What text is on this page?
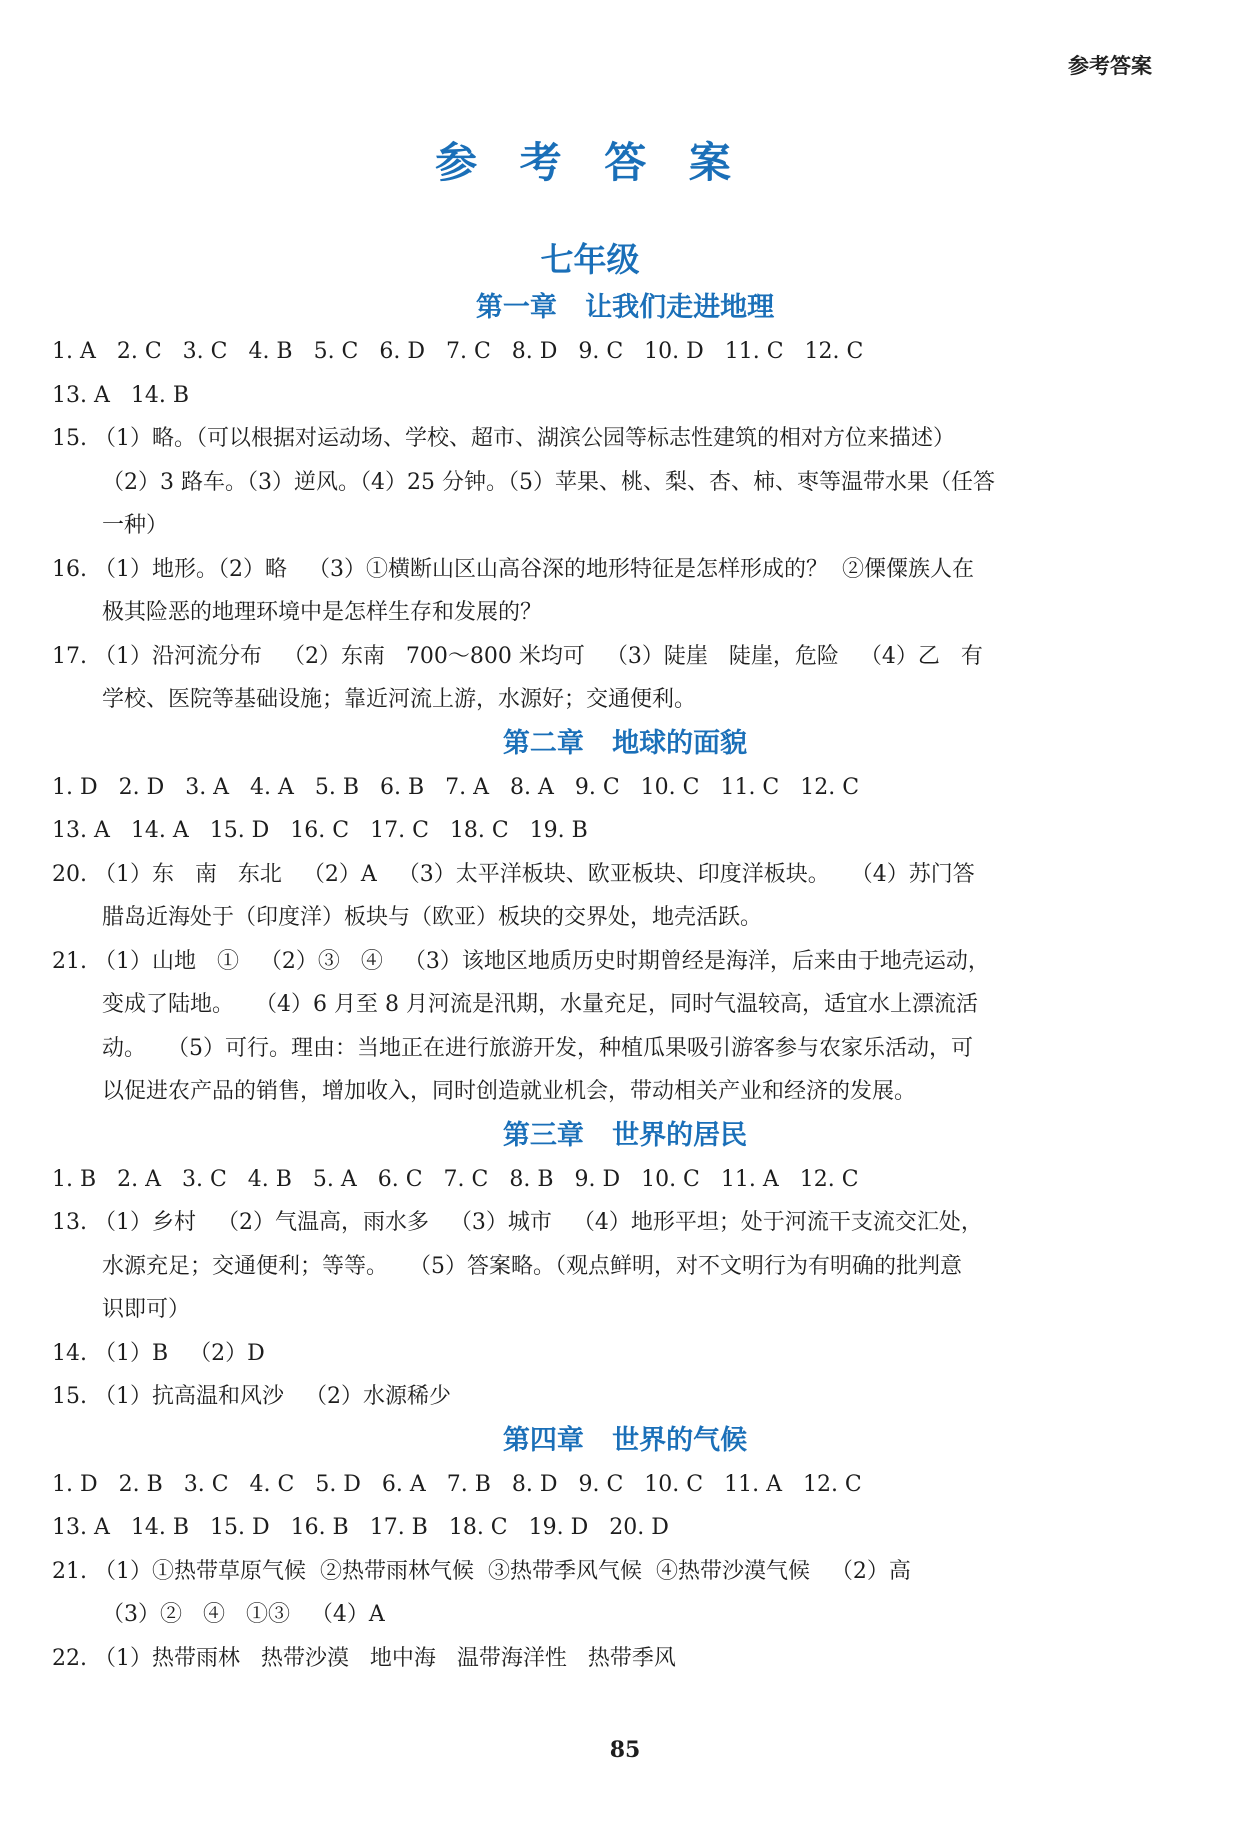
参考答案
参 考 答 案
七年级
第一章   让我们走进地理
1. A   2. C   3. C   4. B   5. C   6. D   7. C   8. D   9. C   10. D   11. C   12. C
13. A   14. B
15. （1）略。（可以根据对运动场、学校、超市、湖滨公园等标志性建筑的相对方位来描述）
（2）3 路车。（3）逆风。（4）25 分钟。（5）苹果、桃、梨、杏、柿、枣等温带水果（任答
一种）
16. （1）地形。（2）略   （3）①横断山区山高谷深的地形特征是怎样形成的？  ②傈僳族人在
极其险恶的地理环境中是怎样生存和发展的？
17. （1）沿河流分布   （2）东南   700～800 米均可   （3）陡崖   陡崖，危险   （4）乙   有
学校、医院等基础设施；靠近河流上游，水源好；交通便利。
第二章   地球的面貌
1. D   2. D   3. A   4. A   5. B   6. B   7. A   8. A   9. C   10. C   11. C   12. C
13. A   14. A   15. D   16. C   17. C   18. C   19. B
20. （1）东   南   东北   （2）A   （3）太平洋板块、欧亚板块、印度洋板块。   （4）苏门答
腊岛近海处于（印度洋）板块与（欧亚）板块的交界处，地壳活跃。
21. （1）山地   ①   （2）③   ④   （3）该地区地质历史时期曾经是海洋，后来由于地壳运动，
变成了陆地。   （4）6 月至 8 月河流是汛期，水量充足，同时气温较高，适宜水上漂流活
动。   （5）可行。理由：当地正在进行旅游开发，种植瓜果吸引游客参与农家乐活动，可
以促进农产品的销售，增加收入，同时创造就业机会，带动相关产业和经济的发展。
第三章   世界的居民
1. B   2. A   3. C   4. B   5. A   6. C   7. C   8. B   9. D   10. C   11. A   12. C
13. （1）乡村   （2）气温高，雨水多   （3）城市   （4）地形平坦；处于河流干支流交汇处，
水源充足；交通便利；等等。   （5）答案略。（观点鲜明，对不文明行为有明确的批判意
识即可）
14. （1）B   （2）D
15. （1）抗高温和风沙   （2）水源稀少
第四章   世界的气候
1. D   2. B   3. C   4. C   5. D   6. A   7. B   8. D   9. C   10. C   11. A   12. C
13. A   14. B   15. D   16. B   17. B   18. C   19. D   20. D
21. （1）①热带草原气候  ②热带雨林气候  ③热带季风气候  ④热带沙漠气候   （2）高
（3）②   ④   ①③   （4）A
22. （1）热带雨林   热带沙漠   地中海   温带海洋性   热带季风
85
